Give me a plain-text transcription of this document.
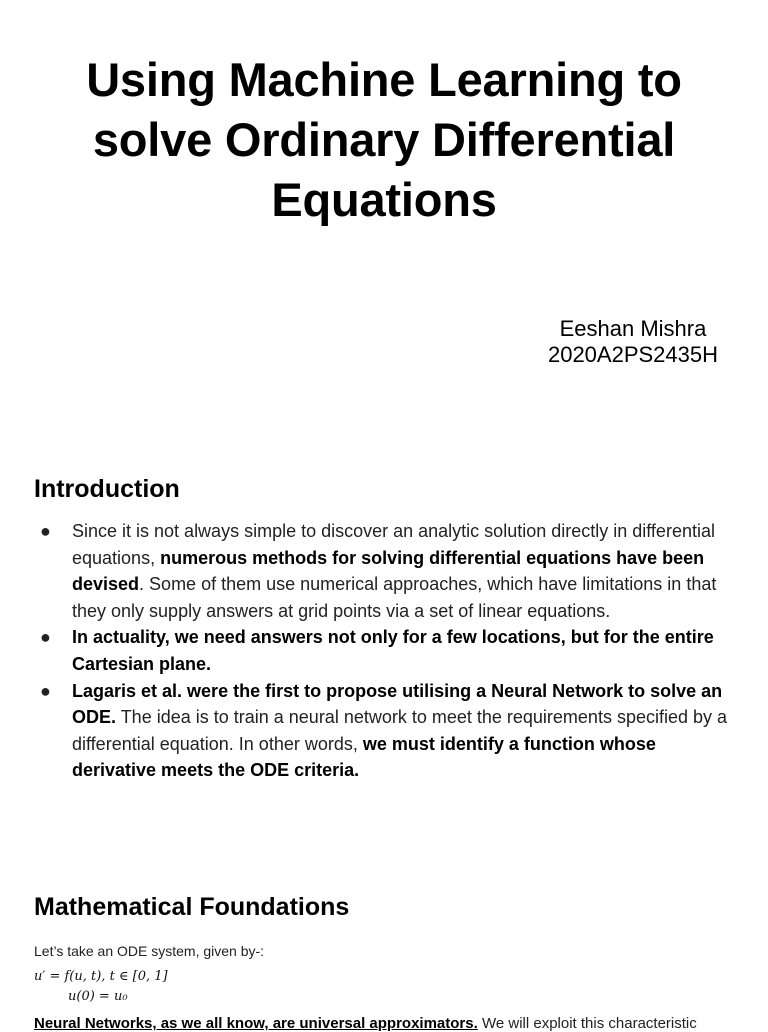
Using Machine Learning to solve Ordinary Differential Equations
Eeshan Mishra
2020A2PS2435H
Introduction
● Since it is not always simple to discover an analytic solution directly in differential equations, numerous methods for solving differential equations have been devised. Some of them use numerical approaches, which have limitations in that they only supply answers at grid points via a set of linear equations.
● In actuality, we need answers not only for a few locations, but for the entire Cartesian plane.
● Lagaris et al. were the first to propose utilising a Neural Network to solve an ODE. The idea is to train a neural network to meet the requirements specified by a differential equation. In other words, we must identify a function whose derivative meets the ODE criteria.
Mathematical Foundations

Let’s take an ODE system, given by-:

u′ = f(u, t), t ∈ [0, 1]
u(0) = u₀
Neural Networks, as we all know, are universal approximators. We will exploit this characteristic
